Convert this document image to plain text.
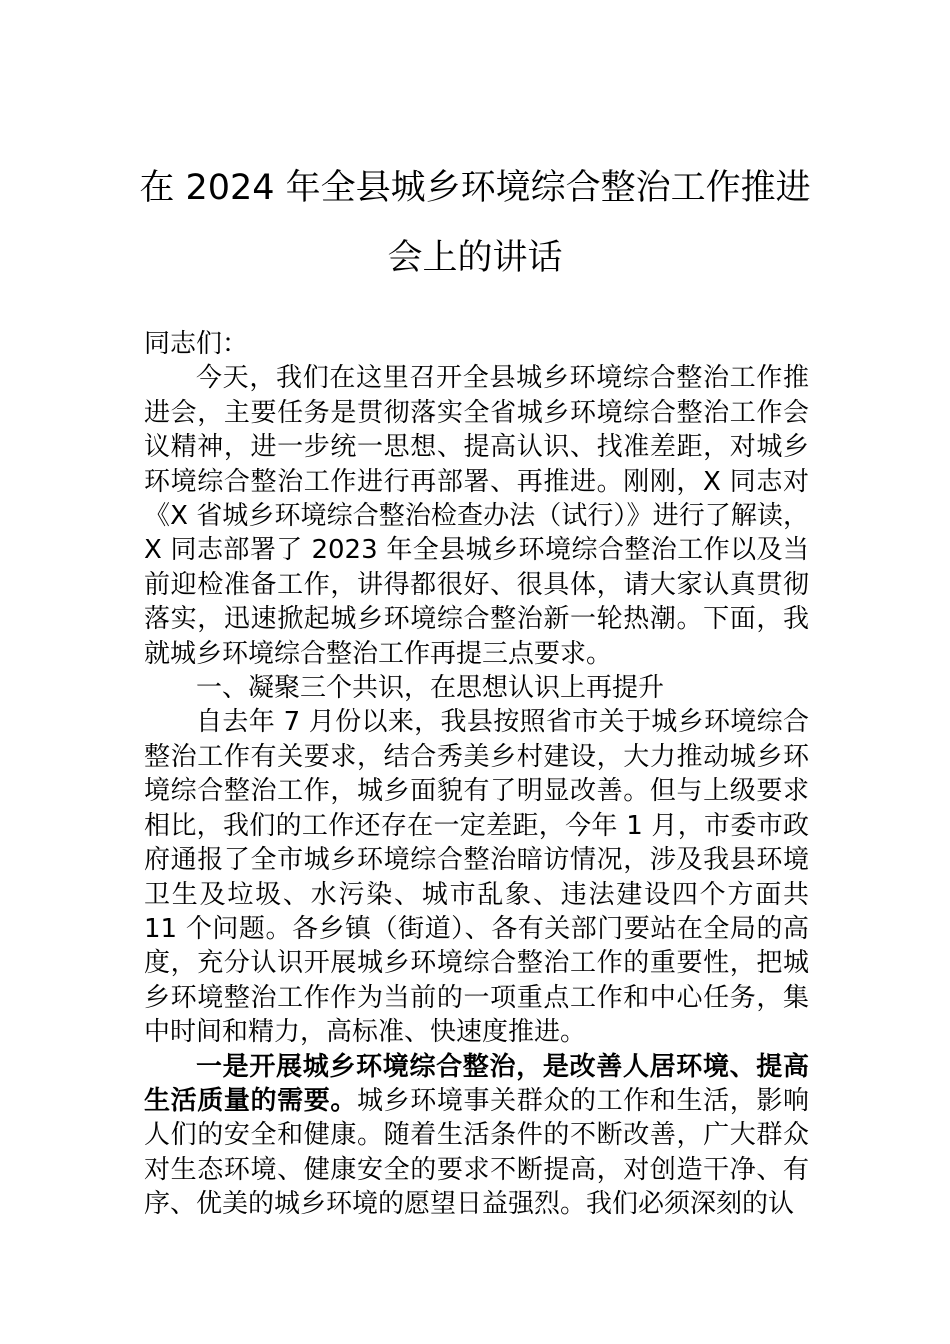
在 2024 年全县城乡环境综合整治工作推进
会上的讲话

同志们：

今天，我们在这里召开全县城乡环境综合整治工作推进会，主要任务是贯彻落实全省城乡环境综合整治工作会议精神，进一步统一思想、提高认识、找准差距，对城乡环境综合整治工作进行再部署、再推进。刚刚，X 同志对《X 省城乡环境综合整治检查办法（试行）》进行了解读，X 同志部署了 2023 年全县城乡环境综合整治工作以及当前迎检准备工作，讲得都很好、很具体，请大家认真贯彻落实，迅速掀起城乡环境综合整治新一轮热潮。下面，我就城乡环境综合整治工作再提三点要求。

一、凝聚三个共识，在思想认识上再提升

自去年 7 月份以来，我县按照省市关于城乡环境综合整治工作有关要求，结合秀美乡村建设，大力推动城乡环境综合整治工作，城乡面貌有了明显改善。但与上级要求相比，我们的工作还存在一定差距，今年 1 月，市委市政府通报了全市城乡环境综合整治暗访情况，涉及我县环境卫生及垃圾、水污染、城市乱象、违法建设四个方面共 11 个问题。各乡镇（街道）、各有关部门要站在全局的高度，充分认识开展城乡环境综合整治工作的重要性，把城乡环境整治工作作为当前的一项重点工作和中心任务，集中时间和精力，高标准、快速度推进。

一是开展城乡环境综合整治，是改善人居环境、提高生活质量的需要。城乡环境事关群众的工作和生活，影响人们的安全和健康。随着生活条件的不断改善，广大群众对生态环境、健康安全的要求不断提高，对创造干净、有序、优美的城乡环境的愿望日益强烈。我们必须深刻的认
